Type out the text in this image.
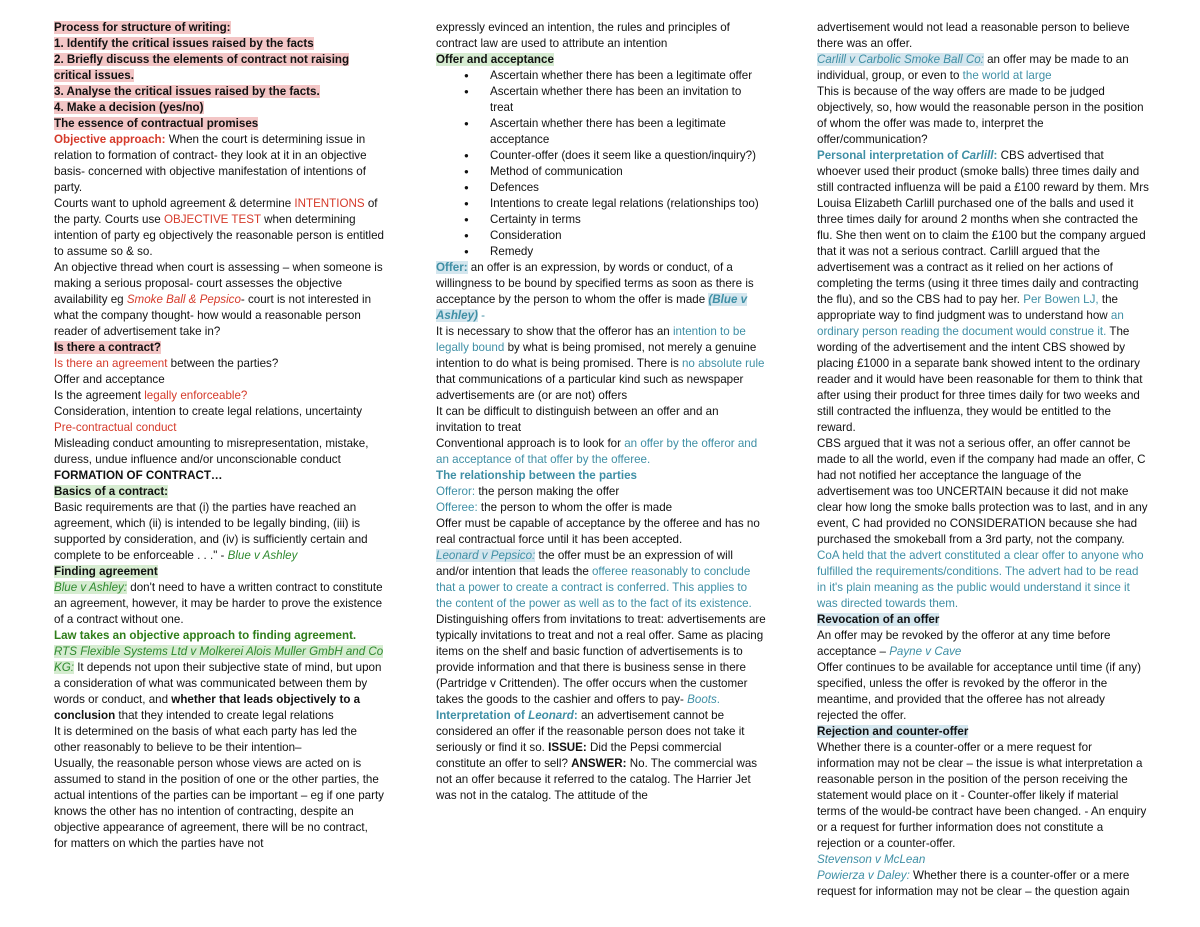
Process for structure of writing:

1. Identify the critical issues raised by the facts

2. Briefly discuss the elements of contract not raising critical issues.

3. Analyse the critical issues raised by the facts.

4. Make a decision (yes/no)

The essence of contractual promises

Objective approach: When the court is determining issue in relation to formation of contract- they look at it in an objective basis- concerned with objective manifestation of intentions of party.

Courts want to uphold agreement & determine INTENTIONS of the party. Courts use OBJECTIVE TEST when determining intention of party eg objectively the reasonable person is entitled to assume so & so.

An objective thread when court is assessing – when someone is making a serious proposal- court assesses the objective availability eg Smoke Ball & Pepsico- court is not interested in what the company thought- how would a reasonable person reader of advertisement take in?

Is there a contract?

Is there an agreement between the parties?

Offer and acceptance

Is the agreement legally enforceable?

Consideration, intention to create legal relations, uncertainty

Pre-contractual conduct

Misleading conduct amounting to misrepresentation, mistake, duress, undue influence and/or unconscionable conduct

FORMATION OF CONTRACT…

Basics of a contract:

Basic requirements are that (i) the parties have reached an agreement, which (ii) is intended to be legally binding, (iii) is supported by consideration, and (iv) is sufficiently certain and complete to be enforceable . . ." - Blue v Ashley

Finding agreement

Blue v Ashley: don't need to have a written contract to constitute an agreement, however, it may be harder to prove the existence of a contract without one.

Law takes an objective approach to finding agreement.

RTS Flexible Systems Ltd v Molkerei Alois Muller GmbH and Co KG: It depends not upon their subjective state of mind, but upon a consideration of what was communicated between them by words or conduct, and whether that leads objectively to a conclusion that they intended to create legal relations

It is determined on the basis of what each party has led the other reasonably to believe to be their intention–

Usually, the reasonable person whose views are acted on is assumed to stand in the position of one or the other parties, the actual intentions of the parties can be important – eg if one party knows the other has no intention of contracting, despite an objective appearance of agreement, there will be no contract, for matters on which the parties have not

expressly evinced an intention, the rules and principles of contract law are used to attribute an intention

Offer and acceptance

● Ascertain whether there has been a legitimate offer
● Ascertain whether there has been an invitation to treat
● Ascertain whether there has been a legitimate acceptance
● Counter-offer (does it seem like a question/inquiry?)
● Method of communication
● Defences
● Intentions to create legal relations (relationships too)
● Certainty in terms
● Consideration
● Remedy

Offer: an offer is an expression, by words or conduct, of a willingness to be bound by specified terms as soon as there is acceptance by the person to whom the offer is made (Blue v Ashley) -

It is necessary to show that the offeror has an intention to be legally bound by what is being promised, not merely a genuine intention to do what is being promised. There is no absolute rule that communications of a particular kind such as newspaper advertisements are (or are not) offers

It can be difficult to distinguish between an offer and an invitation to treat

Conventional approach is to look for an offer by the offeror and an acceptance of that offer by the offeree.

The relationship between the parties

Offeror: the person making the offer

Offeree: the person to whom the offer is made

Offer must be capable of acceptance by the offeree and has no real contractual force until it has been accepted.

Leonard v Pepsico: the offer must be an expression of will and/or intention that leads the offeree reasonably to conclude that a power to create a contract is conferred. This applies to the content of the power as well as to the fact of its existence.

Distinguishing offers from invitations to treat: advertisements are typically invitations to treat and not a real offer. Same as placing items on the shelf and basic function of advertisements is to provide information and that there is business sense in there (Partridge v Crittenden). The offer occurs when the customer takes the goods to the cashier and offers to pay- Boots.

Interpretation of Leonard: an advertisement cannot be considered an offer if the reasonable person does not take it seriously or find it so. ISSUE: Did the Pepsi commercial constitute an offer to sell? ANSWER: No. The commercial was not an offer because it referred to the catalog. The Harrier Jet was not in the catalog. The attitude of the

advertisement would not lead a reasonable person to believe there was an offer.

Carlill v Carbolic Smoke Ball Co: an offer may be made to an individual, group, or even to the world at large

This is because of the way offers are made to be judged objectively, so, how would the reasonable person in the position of whom the offer was made to, interpret the offer/communication?

Personal interpretation of Carlill: CBS advertised that whoever used their product (smoke balls) three times daily and still contracted influenza will be paid a £100 reward by them. Mrs Louisa Elizabeth Carlill purchased one of the balls and used it three times daily for around 2 months when she contracted the flu. She then went on to claim the £100 but the company argued that it was not a serious contract. Carlill argued that the advertisement was a contract as it relied on her actions of completing the terms (using it three times daily and contracting the flu), and so the CBS had to pay her. Per Bowen LJ, the appropriate way to find judgment was to understand how an ordinary person reading the document would construe it. The wording of the advertisement and the intent CBS showed by placing £1000 in a separate bank showed intent to the ordinary reader and it would have been reasonable for them to think that after using their product for three times daily for two weeks and still contracted the influenza, they would be entitled to the reward.

CBS argued that it was not a serious offer, an offer cannot be made to all the world, even if the company had made an offer, C had not notified her acceptance the language of the advertisement was too UNCERTAIN because it did not make clear how long the smoke balls protection was to last, and in any event, C had provided no CONSIDERATION because she had purchased the smokeball from a 3rd party, not the company. CoA held that the advert constituted a clear offer to anyone who fulfilled the requirements/conditions. The advert had to be read in it's plain meaning as the public would understand it since it was directed towards them.

Revocation of an offer

An offer may be revoked by the offeror at any time before acceptance – Payne v Cave

Offer continues to be available for acceptance until time (if any) specified, unless the offer is revoked by the offeror in the meantime, and provided that the offeree has not already rejected the offer.

Rejection and counter-offer

Whether there is a counter-offer or a mere request for information may not be clear – the issue is what interpretation a reasonable person in the position of the person receiving the statement would place on it - Counter-offer likely if material terms of the would-be contract have been changed. - An enquiry or a request for further information does not constitute a rejection or a counter-offer.

Stevenson v McLean

Powierza v Daley: Whether there is a counter-offer or a mere request for information may not be clear – the question again
